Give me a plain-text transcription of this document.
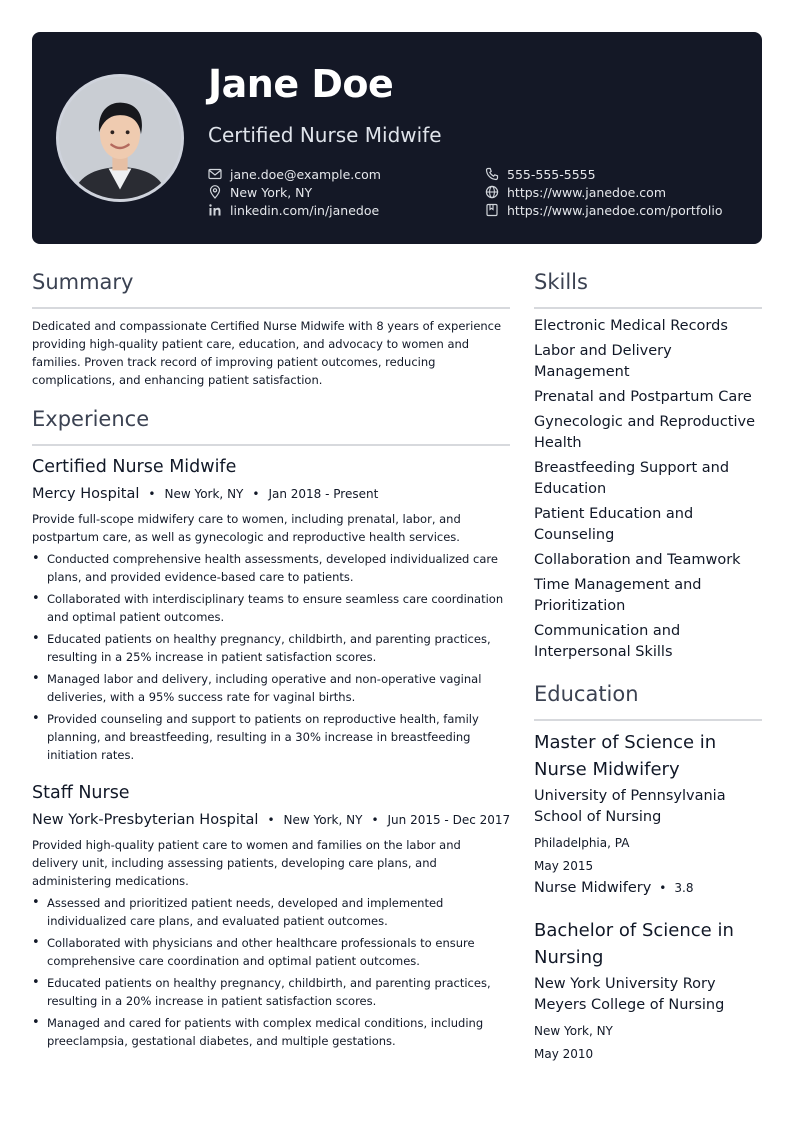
Jane Doe
Certified Nurse Midwife
jane.doe@example.com
New York, NY
linkedin.com/in/janedoe
555-555-5555
https://www.janedoe.com
https://www.janedoe.com/portfolio
Summary
Dedicated and compassionate Certified Nurse Midwife with 8 years of experience providing high-quality patient care, education, and advocacy to women and families. Proven track record of improving patient outcomes, reducing complications, and enhancing patient satisfaction.
Experience
Certified Nurse Midwife
Mercy Hospital • New York, NY • Jan 2018 - Present
Provide full-scope midwifery care to women, including prenatal, labor, and postpartum care, as well as gynecologic and reproductive health services.
• Conducted comprehensive health assessments, developed individualized care plans, and provided evidence-based care to patients.
• Collaborated with interdisciplinary teams to ensure seamless care coordination and optimal patient outcomes.
• Educated patients on healthy pregnancy, childbirth, and parenting practices, resulting in a 25% increase in patient satisfaction scores.
• Managed labor and delivery, including operative and non-operative vaginal deliveries, with a 95% success rate for vaginal births.
• Provided counseling and support to patients on reproductive health, family planning, and breastfeeding, resulting in a 30% increase in breastfeeding initiation rates.
Staff Nurse
New York-Presbyterian Hospital • New York, NY • Jun 2015 - Dec 2017
Provided high-quality patient care to women and families on the labor and delivery unit, including assessing patients, developing care plans, and administering medications.
• Assessed and prioritized patient needs, developed and implemented individualized care plans, and evaluated patient outcomes.
• Collaborated with physicians and other healthcare professionals to ensure comprehensive care coordination and optimal patient outcomes.
• Educated patients on healthy pregnancy, childbirth, and parenting practices, resulting in a 20% increase in patient satisfaction scores.
• Managed and cared for patients with complex medical conditions, including preeclampsia, gestational diabetes, and multiple gestations.
Skills
Electronic Medical Records
Labor and Delivery Management
Prenatal and Postpartum Care
Gynecologic and Reproductive Health
Breastfeeding Support and Education
Patient Education and Counseling
Collaboration and Teamwork
Time Management and Prioritization
Communication and Interpersonal Skills
Education
Master of Science in Nurse Midwifery
University of Pennsylvania School of Nursing
Philadelphia, PA
May 2015
Nurse Midwifery • 3.8
Bachelor of Science in Nursing
New York University Rory Meyers College of Nursing
New York, NY
May 2010
